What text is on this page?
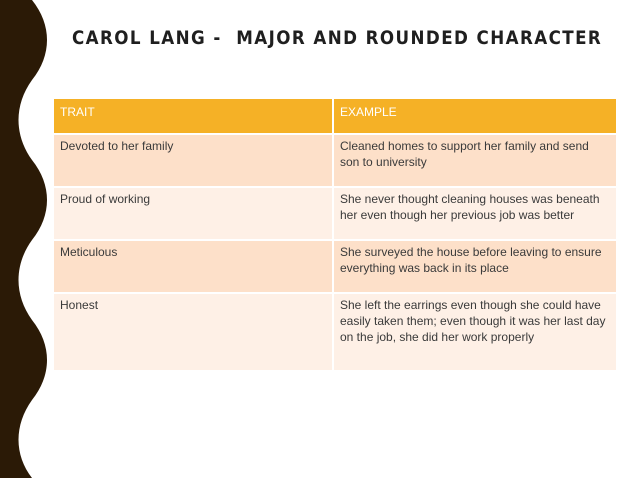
CAROL LANG -  MAJOR AND ROUNDED CHARACTER
TRAIT	EXAMPLE
Devoted to her family	Cleaned homes to support her family and send son to university
Proud of working	She never thought cleaning houses was beneath her even though her previous job was better
Meticulous	She surveyed the house before leaving to ensure everything was back in its place
Honest	She left the earrings even though she could have easily taken them; even though it was her last day on the job, she did her work properly
